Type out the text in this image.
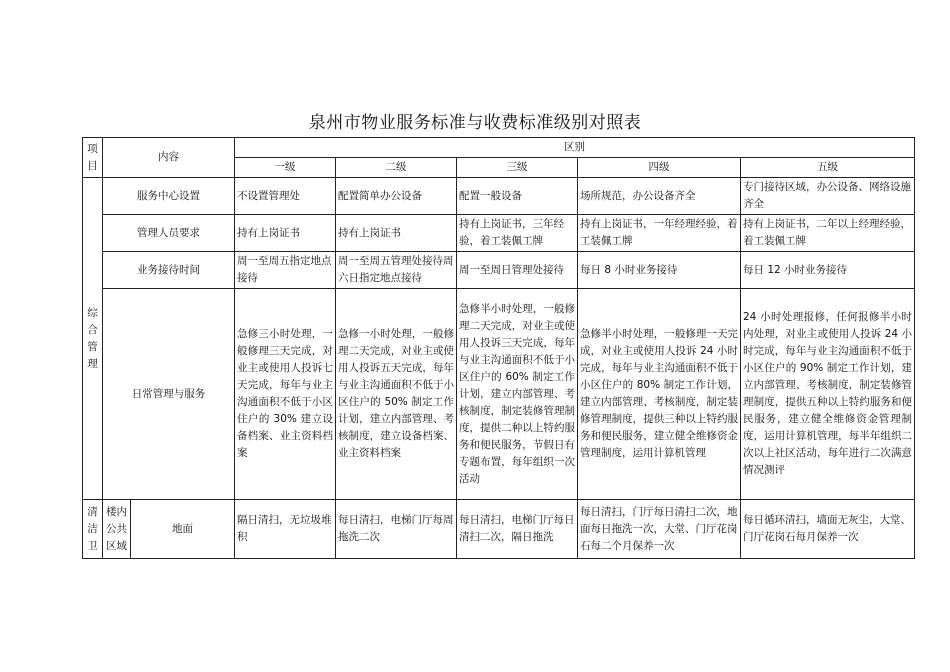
泉州市物业服务标准与收费标准级别对照表
项目	内容		区别				
			一级	二级	三级	四级	五级
综合管理	服务中心设置		不设置管理处	配置简单办公设备	配置一般设备	场所规范，办公设备齐全	专门接待区域，办公设备、网络设施齐全
	管理人员要求		持有上岗证书	持有上岗证书	持有上岗证书，三年经验，着工装佩工牌	持有上岗证书，一年经理经验，着工装佩工牌	持有上岗证书，二年以上经理经验，着工装佩工牌
	业务接待时间		周一至周五指定地点接待	周一至周五管理处接待周六日指定地点接待	周一至周日管理处接待	每日 8 小时业务接待	每日 12 小时业务接待
	日常管理与服务		急修三小时处理，一般修理三天完成，对业主或使用人投诉七天完成，每年与业主沟通面积不低于小区住户的 30% 建立设备档案、业主资料档案	急修一小时处理，一般修理二天完成，对业主或使用人投诉五天完成，每年与业主沟通面积不低于小区住户的 50% 制定工作计划，建立内部管理、考核制度，建立设备档案、业主资料档案	急修半小时处理，一般修理二天完成，对业主或使用人投诉三天完成，每年与业主沟通面积不低于小区住户的 60% 制定工作计划，建立内部管理、考核制度，制定装修管理制度，提供二种以上特约服务和便民服务，节假日有专题布置，每年组织一次活动	急修半小时处理，一般修理一天完成，对业主或使用人投诉 24 小时完成，每年与业主沟通面积不低于小区住户的 80% 制定工作计划，建立内部管理、考核制度，制定装修管理制度，提供三种以上特约服务和便民服务，建立健全维修资金管理制度，运用计算机管理	24 小时处理报修，任何报修半小时内处理，对业主或使用人投诉 24 小时完成，每年与业主沟通面积不低于小区住户的 90% 制定工作计划，建立内部管理、考核制度，制定装修管理制度，提供五种以上特约服务和便民服务，建立健全维修资金管理制度，运用计算机管理，每半年组织二次以上社区活动，每年进行二次满意情况测评
清洁卫	楼内公共区域	地面	隔日清扫，无垃圾堆积	每日清扫，电梯门厅每周拖洗二次	每日清扫，电梯门厅每日清扫二次，隔日拖洗	每日清扫，门厅每日清扫二次，地面每日拖洗一次，大堂、门厅花岗石每二个月保养一次	每日循环清扫，墙面无灰尘，大堂、门厅花岗石每月保养一次
